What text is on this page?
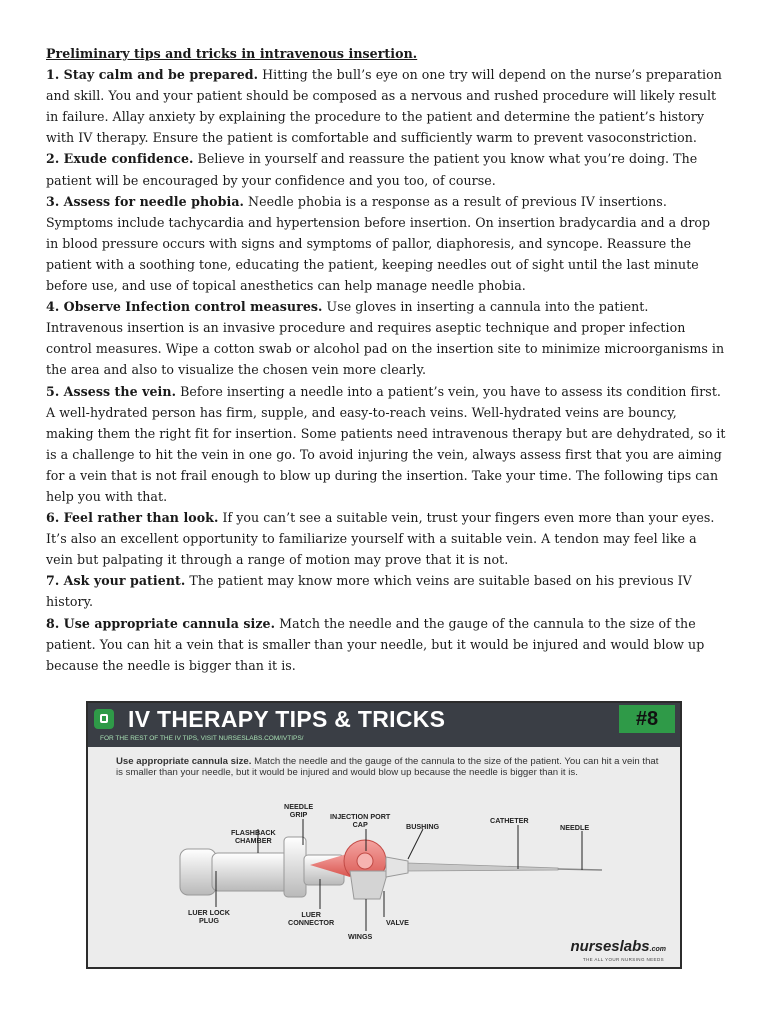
Preliminary tips and tricks in intravenous insertion.

1. Stay calm and be prepared. Hitting the bull’s eye on one try will depend on the nurse’s preparation and skill. You and your patient should be composed as a nervous and rushed procedure will likely result in failure. Allay anxiety by explaining the procedure to the patient and determine the patient’s history with IV therapy. Ensure the patient is comfortable and sufficiently warm to prevent vasoconstriction.

2. Exude confidence. Believe in yourself and reassure the patient you know what you’re doing. The patient will be encouraged by your confidence and you too, of course.

3. Assess for needle phobia. Needle phobia is a response as a result of previous IV insertions. Symptoms include tachycardia and hypertension before insertion. On insertion bradycardia and a drop in blood pressure occurs with signs and symptoms of pallor, diaphoresis, and syncope. Reassure the patient with a soothing tone, educating the patient, keeping needles out of sight until the last minute before use, and use of topical anesthetics can help manage needle phobia.

4. Observe Infection control measures. Use gloves in inserting a cannula into the patient. Intravenous insertion is an invasive procedure and requires aseptic technique and proper infection control measures. Wipe a cotton swab or alcohol pad on the insertion site to minimize microorganisms in the area and also to visualize the chosen vein more clearly.

5. Assess the vein. Before inserting a needle into a patient’s vein, you have to assess its condition first. A well-hydrated person has firm, supple, and easy-to-reach veins. Well-hydrated veins are bouncy, making them the right fit for insertion. Some patients need intravenous therapy but are dehydrated, so it is a challenge to hit the vein in one go. To avoid injuring the vein, always assess first that you are aiming for a vein that is not frail enough to blow up during the insertion. Take your time. The following tips can help you with that.

6. Feel rather than look. If you can’t see a suitable vein, trust your fingers even more than your eyes. It’s also an excellent opportunity to familiarize yourself with a suitable vein. A tendon may feel like a vein but palpating it through a range of motion may prove that it is not.

7. Ask your patient. The patient may know more which veins are suitable based on his previous IV history.

8. Use appropriate cannula size. Match the needle and the gauge of the cannula to the size of the patient. You can hit a vein that is smaller than your needle, but it would be injured and would blow up because the needle is bigger than it is.

IV THERAPY TIPS & TRICKS	#8
FOR THE REST OF THE IV TIPS, VISIT NURSESLABS.COM/IVTIPS/
Use appropriate cannula size. Match the needle and the gauge of the cannula to the size of the patient. You can hit a vein that is smaller than your needle, but it would be injured and would blow up because the needle is bigger than it is.
NEEDLE
GRIP	INJECTION PORT
CAP
FLASHBACK
CHAMBER
BUSHING
CATHETER
NEEDLE
LUER LOCK
PLUG
LUER
CONNECTOR	VALVE
WINGS
nurseslabs.com
THE ALL YOUR NURSING NEEDS
